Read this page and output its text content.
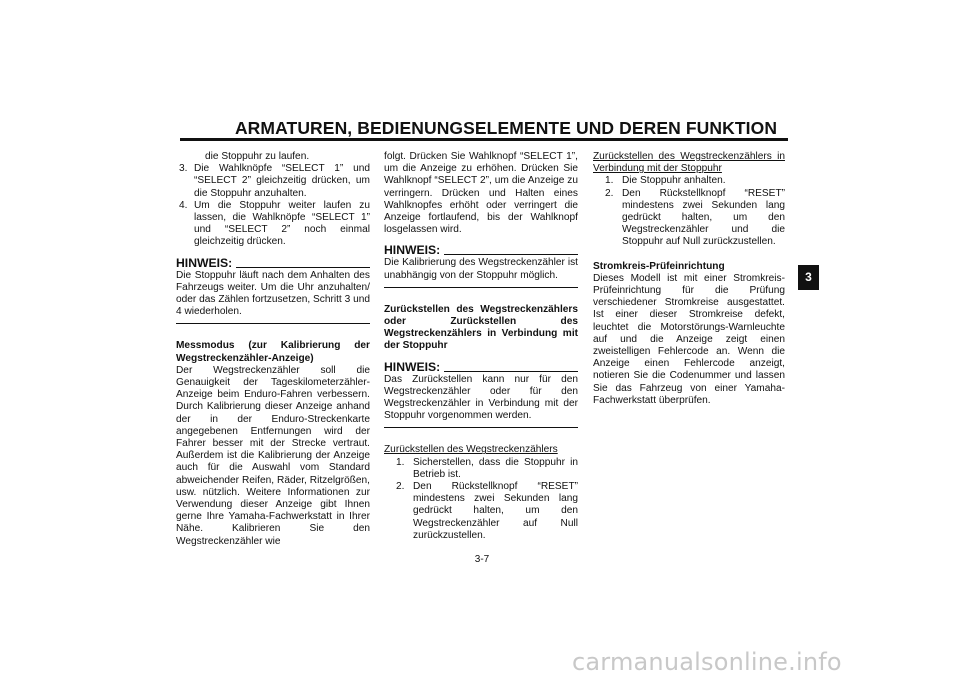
ARMATUREN, BEDIENUNGSELEMENTE UND DEREN FUNKTION
3
die Stoppuhr zu laufen.
3. Die Wahlknöpfe “SELECT 1” und “SELECT 2” gleichzeitig drücken, um die Stoppuhr anzuhalten.
4. Um die Stoppuhr weiter laufen zu lassen, die Wahlknöpfe “SELECT 1” und “SELECT 2” noch einmal gleichzeitig drücken.
HINWEIS:

Die Stoppuhr läuft nach dem Anhalten des Fahrzeugs weiter. Um die Uhr anzuhalten/ oder das Zählen fortzusetzen, Schritt 3 und 4 wiederholen.

Messmodus (zur Kalibrierung der Wegstreckenzähler-Anzeige)

Der Wegstreckenzähler soll die Genauigkeit der Tageskilometerzähler-Anzeige beim Enduro-Fahren verbessern. Durch Kalibrierung dieser Anzeige anhand der in der Enduro-Streckenkarte angegebenen Entfernungen wird der Fahrer besser mit der Strecke vertraut. Außerdem ist die Kalibrierung der Anzeige auch für die Auswahl vom Standard abweichender Reifen, Räder, Ritzelgrößen, usw. nützlich. Weitere Informationen zur Verwendung dieser Anzeige gibt Ihnen gerne Ihre Yamaha-Fachwerkstatt in Ihrer Nähe. Kalibrieren Sie den Wegstreckenzähler wie

folgt. Drücken Sie Wahlknopf “SELECT 1”, um die Anzeige zu erhöhen. Drücken Sie Wahlknopf “SELECT 2”, um die Anzeige zu verringern. Drücken und Halten eines Wahlknopfes erhöht oder verringert die Anzeige fortlaufend, bis der Wahlknopf losgelassen wird.

HINWEIS:

Die Kalibrierung des Wegstreckenzähler ist unabhängig von der Stoppuhr möglich.

Zurückstellen des Wegstreckenzählers oder Zurückstellen des Wegstreckenzählers in Verbindung mit der Stoppuhr

HINWEIS:

Das Zurückstellen kann nur für den Wegstreckenzähler oder für den Wegstreckenzähler in Verbindung mit der Stoppuhr vorgenommen werden.

Zurückstellen des Wegstreckenzählers
1. Sicherstellen, dass die Stoppuhr in Betrieb ist.
2. Den Rückstellknopf “RESET” mindestens zwei Sekunden lang gedrückt halten, um den Wegstreckenzähler auf Null zurückzustellen.
Zurückstellen des Wegstreckenzählers in Verbindung mit der Stoppuhr
1. Die Stoppuhr anhalten.
2. Den Rückstellknopf “RESET” mindestens zwei Sekunden lang gedrückt halten, um den Wegstreckenzähler und die Stoppuhr auf Null zurückzustellen.

Stromkreis-Prüfeinrichtung

Dieses Modell ist mit einer Stromkreis-Prüfeinrichtung für die Prüfung verschiedener Stromkreise ausgestattet. Ist einer dieser Stromkreise defekt, leuchtet die Motorstörungs-Warnleuchte auf und die Anzeige zeigt einen zweistelligen Fehlercode an. Wenn die Anzeige einen Fehlercode anzeigt, notieren Sie die Codenummer und lassen Sie das Fahrzeug von einer Yamaha-Fachwerkstatt überprüfen.

3-7
carmanualsonline.info
